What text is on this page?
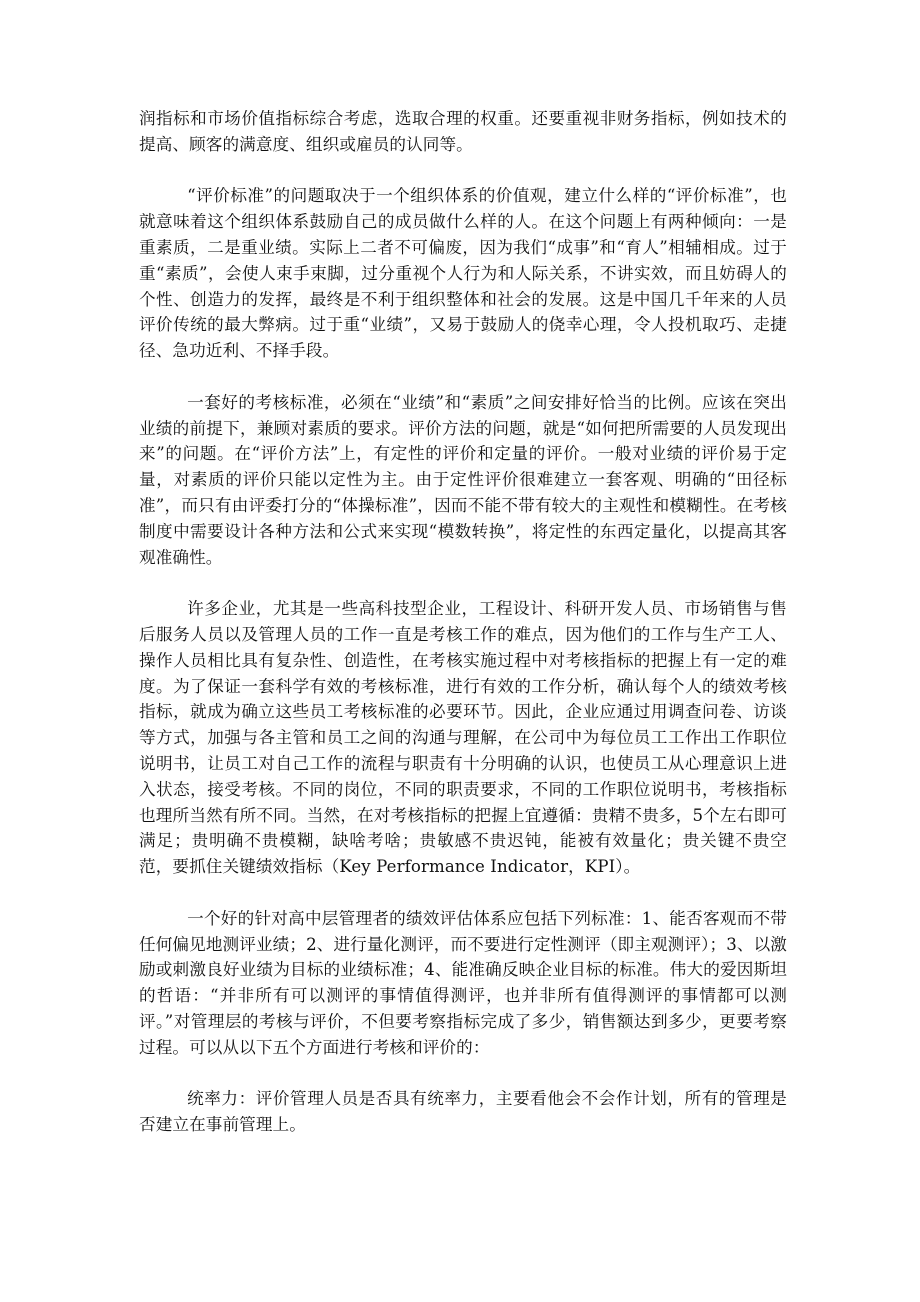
润指标和市场价值指标综合考虑，选取合理的权重。还要重视非财务指标，例如技术的提高、顾客的满意度、组织或雇员的认同等。

“评价标准”的问题取决于一个组织体系的价值观，建立什么样的“评价标准”，也就意味着这个组织体系鼓励自己的成员做什么样的人。在这个问题上有两种倾向：一是重素质，二是重业绩。实际上二者不可偏废，因为我们“成事”和“育人”相辅相成。过于重“素质”，会使人束手束脚，过分重视个人行为和人际关系，不讲实效，而且妨碍人的个性、创造力的发挥，最终是不利于组织整体和社会的发展。这是中国几千年来的人员评价传统的最大弊病。过于重“业绩”，又易于鼓励人的侥幸心理，令人投机取巧、走捷径、急功近利、不择手段。

一套好的考核标准，必须在“业绩”和“素质”之间安排好恰当的比例。应该在突出业绩的前提下，兼顾对素质的要求。评价方法的问题，就是“如何把所需要的人员发现出来”的问题。在“评价方法”上，有定性的评价和定量的评价。一般对业绩的评价易于定量，对素质的评价只能以定性为主。由于定性评价很难建立一套客观、明确的“田径标准”，而只有由评委打分的“体操标准”，因而不能不带有较大的主观性和模糊性。在考核制度中需要设计各种方法和公式来实现“模数转换”，将定性的东西定量化，以提高其客观准确性。

许多企业，尤其是一些高科技型企业，工程设计、科研开发人员、市场销售与售后服务人员以及管理人员的工作一直是考核工作的难点，因为他们的工作与生产工人、操作人员相比具有复杂性、创造性，在考核实施过程中对考核指标的把握上有一定的难度。为了保证一套科学有效的考核标准，进行有效的工作分析，确认每个人的绩效考核指标，就成为确立这些员工考核标准的必要环节。因此，企业应通过用调查问卷、访谈等方式，加强与各主管和员工之间的沟通与理解，在公司中为每位员工工作出工作职位说明书，让员工对自己工作的流程与职责有十分明确的认识，也使员工从心理意识上进入状态，接受考核。不同的岗位，不同的职责要求，不同的工作职位说明书，考核指标也理所当然有所不同。当然，在对考核指标的把握上宜遵循：贵精不贵多，5个左右即可满足；贵明确不贵模糊，缺啥考啥；贵敏感不贵迟钝，能被有效量化；贵关键不贵空范，要抓住关键绩效指标（Key Performance Indicator，KPI）。

一个好的针对高中层管理者的绩效评估体系应包括下列标准：1、能否客观而不带任何偏见地测评业绩；2、进行量化测评，而不要进行定性测评（即主观测评）；3、以激励或刺激良好业绩为目标的业绩标准；4、能准确反映企业目标的标准。伟大的爱因斯坦的哲语：“并非所有可以测评的事情值得测评，也并非所有值得测评的事情都可以测评。”对管理层的考核与评价，不但要考察指标完成了多少，销售额达到多少，更要考察过程。可以从以下五个方面进行考核和评价的：

统率力：评价管理人员是否具有统率力，主要看他会不会作计划，所有的管理是否建立在事前管理上。
